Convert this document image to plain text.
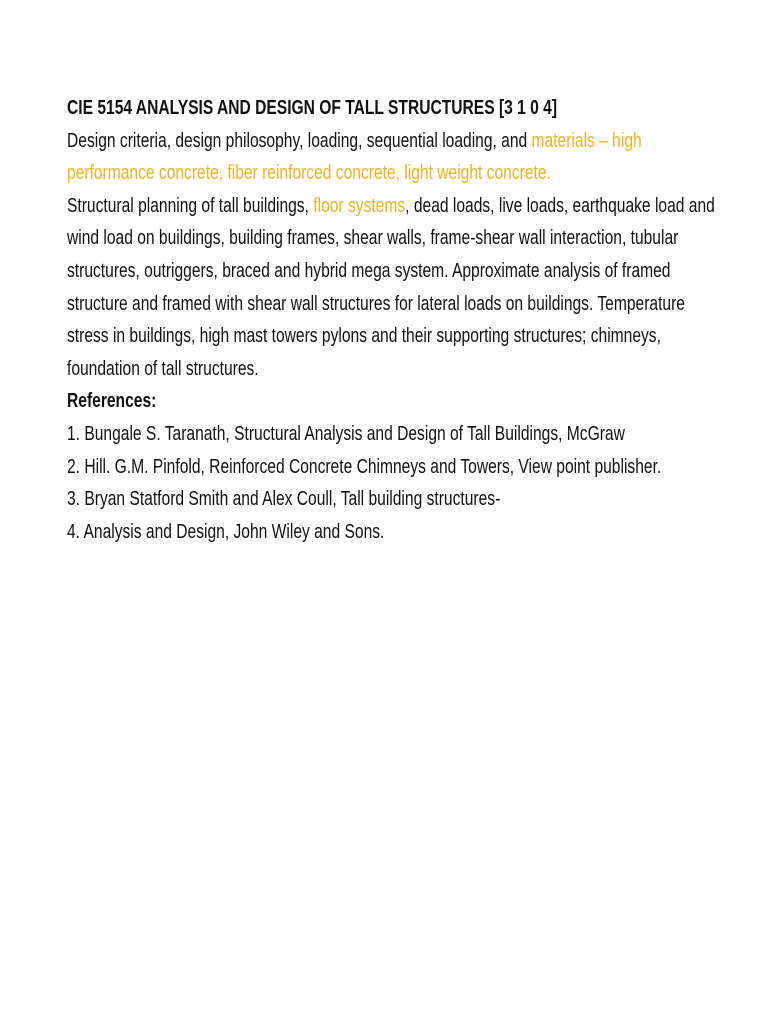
CIE 5154 ANALYSIS AND DESIGN OF TALL STRUCTURES [3 1 0 4]

Design criteria, design philosophy, loading, sequential loading, and materials – high performance concrete, fiber reinforced concrete, light weight concrete.
Structural planning of tall buildings, floor systems, dead loads, live loads, earthquake load and wind load on buildings, building frames, shear walls, frame-shear wall interaction, tubular structures, outriggers, braced and hybrid mega system. Approximate analysis of framed structure and framed with shear wall structures for lateral loads on buildings. Temperature stress in buildings, high mast towers pylons and their supporting structures; chimneys, foundation of tall structures.

References:

1. Bungale S. Taranath, Structural Analysis and Design of Tall Buildings, McGraw

2. Hill. G.M. Pinfold, Reinforced Concrete Chimneys and Towers, View point publisher.

3. Bryan Statford Smith and Alex Coull, Tall building structures-

4. Analysis and Design, John Wiley and Sons.
